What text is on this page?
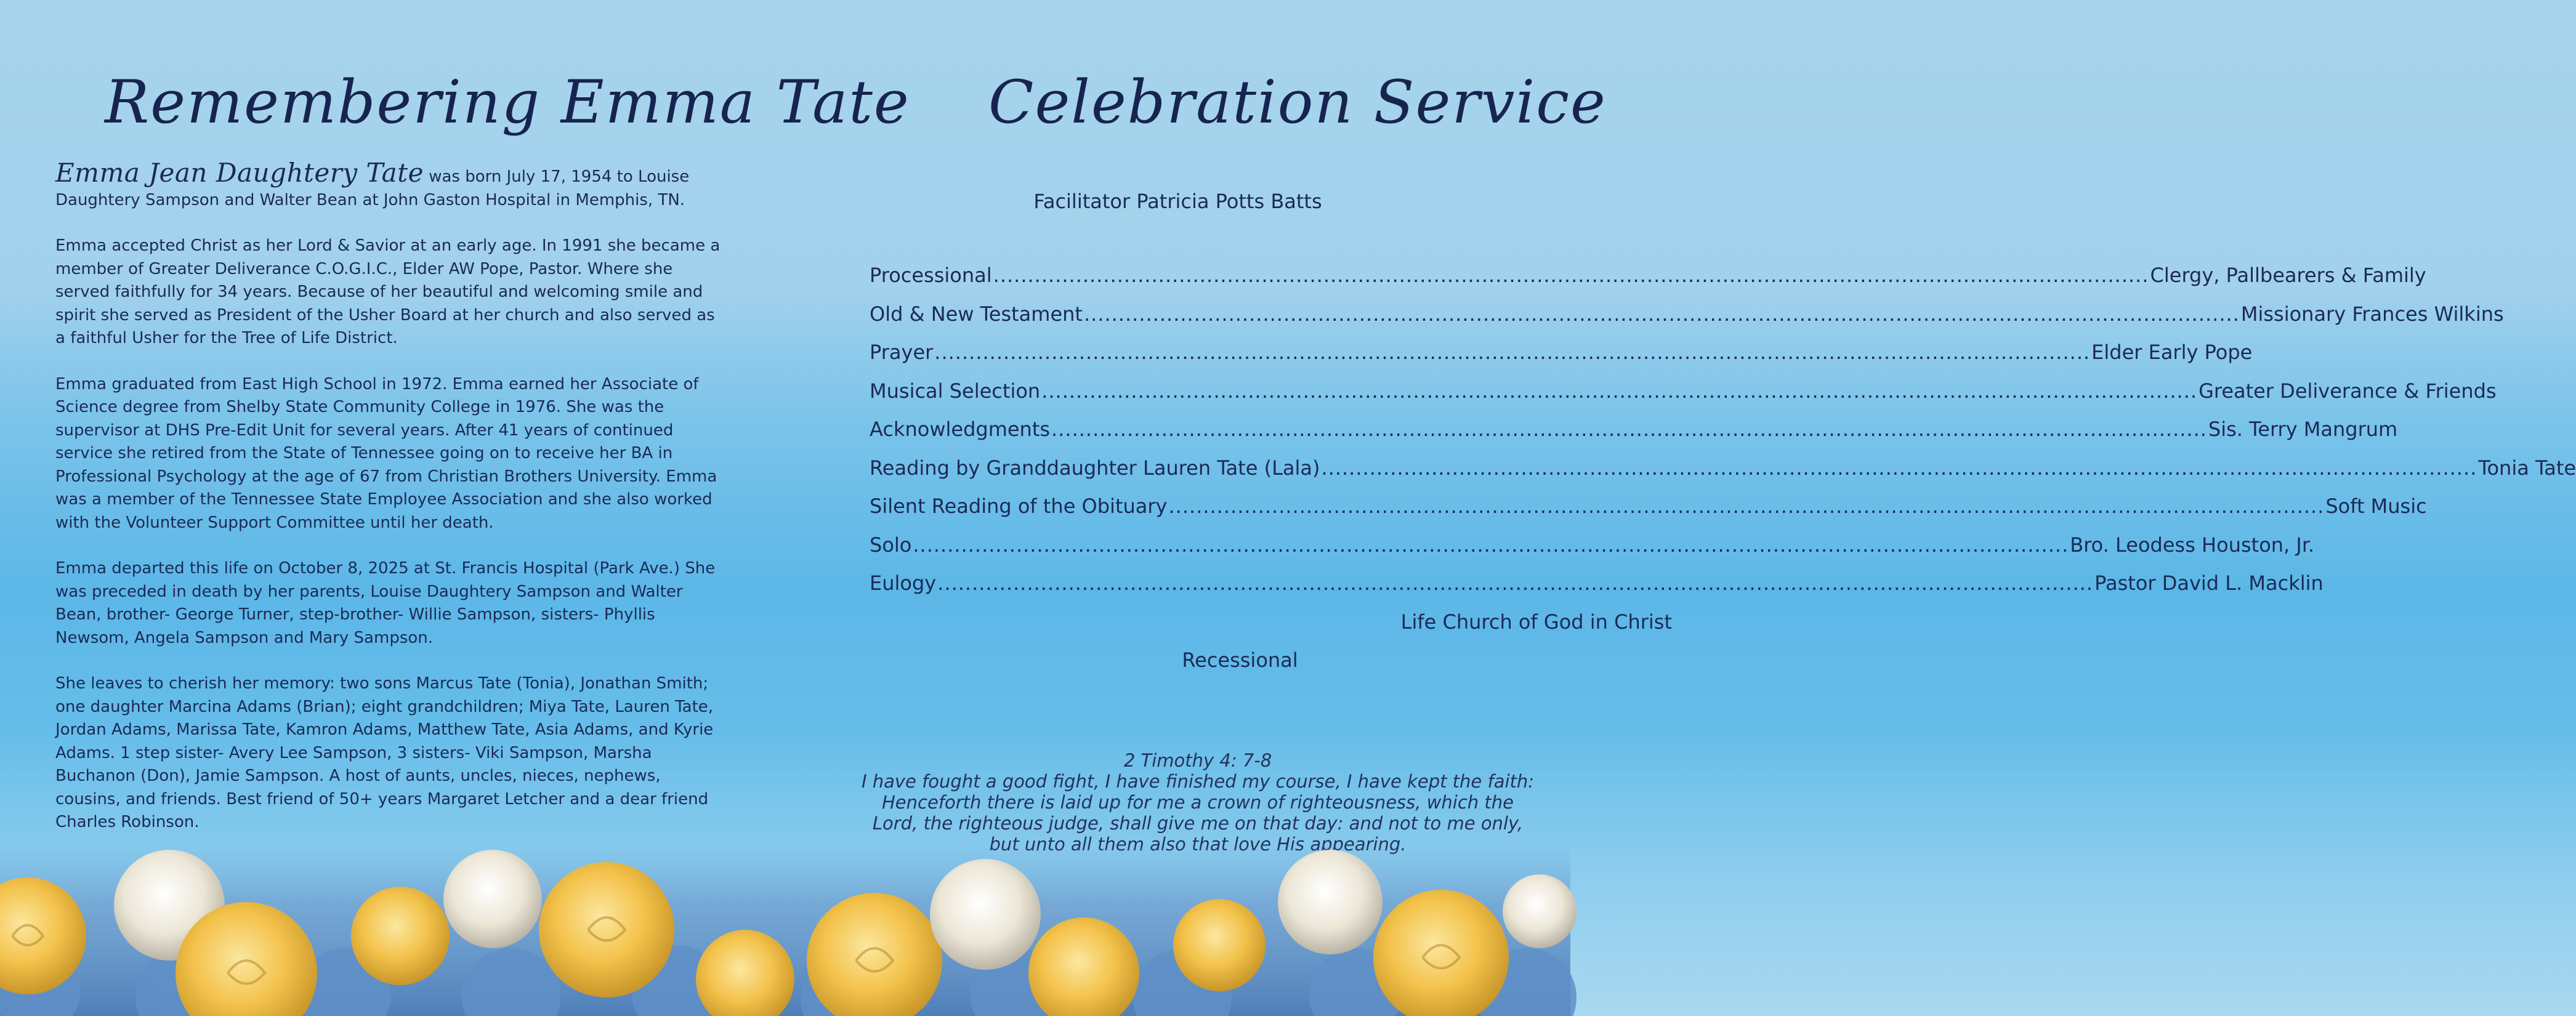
Remembering Emma Tate

Emma Jean Daughtery Tate was born July 17, 1954 to Louise Daughtery Sampson and Walter Bean at John Gaston Hospital in Memphis, TN.

Emma accepted Christ as her Lord & Savior at an early age. In 1991 she became a member of Greater Deliverance C.O.G.I.C., Elder AW Pope, Pastor. Where she served faithfully for 34 years. Because of her beautiful and welcoming smile and spirit she served as President of the Usher Board at her church and also served as a faithful Usher for the Tree of Life District.

Emma graduated from East High School in 1972. Emma earned her Associate of Science degree from Shelby State Community College in 1976. She was the supervisor at DHS Pre-Edit Unit for several years. After 41 years of continued service she retired from the State of Tennessee going on to receive her BA in Professional Psychology at the age of 67 from Christian Brothers University. Emma was a member of the Tennessee State Employee Association and she also worked with the Volunteer Support Committee until her death.

Emma departed this life on October 8, 2025 at St. Francis Hospital (Park Ave.) She was preceded in death by her parents, Louise Daughtery Sampson and Walter Bean, brother- George Turner, step-brother- Willie Sampson, sisters- Phyllis Newsom, Angela Sampson and Mary Sampson.

She leaves to cherish her memory: two sons Marcus Tate (Tonia), Jonathan Smith; one daughter Marcina Adams (Brian); eight grandchildren; Miya Tate, Lauren Tate, Jordan Adams, Marissa Tate, Kamron Adams, Matthew Tate, Asia Adams, and Kyrie Adams. 1 step sister- Avery Lee Sampson, 3 sisters- Viki Sampson, Marsha Buchanon (Don), Jamie Sampson. A host of aunts, uncles, nieces, nephews, cousins, and friends. Best friend of 50+ years Margaret Letcher and a dear friend Charles Robinson.

Celebration Service
Facilitator Patricia Potts Batts
Processional .....	Clergy, Pallbearers & Family
Old & New Testament .....	Missionary Frances Wilkins
Prayer .....	Elder Early Pope
Musical Selection .....	Greater Deliverance & Friends
Acknowledgments .....	Sis. Terry Mangrum
Reading by Granddaughter Lauren Tate (Lala) .....	Tonia Tate
Silent Reading of the Obituary .....	Soft Music
Solo .....	Bro. Leodess Houston, Jr.
Eulogy .....	Pastor David L. Macklin
Life Church of God in Christ
Recessional
2 Timothy 4: 7-8
I have fought a good fight, I have finished my course, I have kept the faith: Henceforth there is laid up for me a crown of righteousness, which the Lord, the righteous judge, shall give me on that day: and not to me only,
